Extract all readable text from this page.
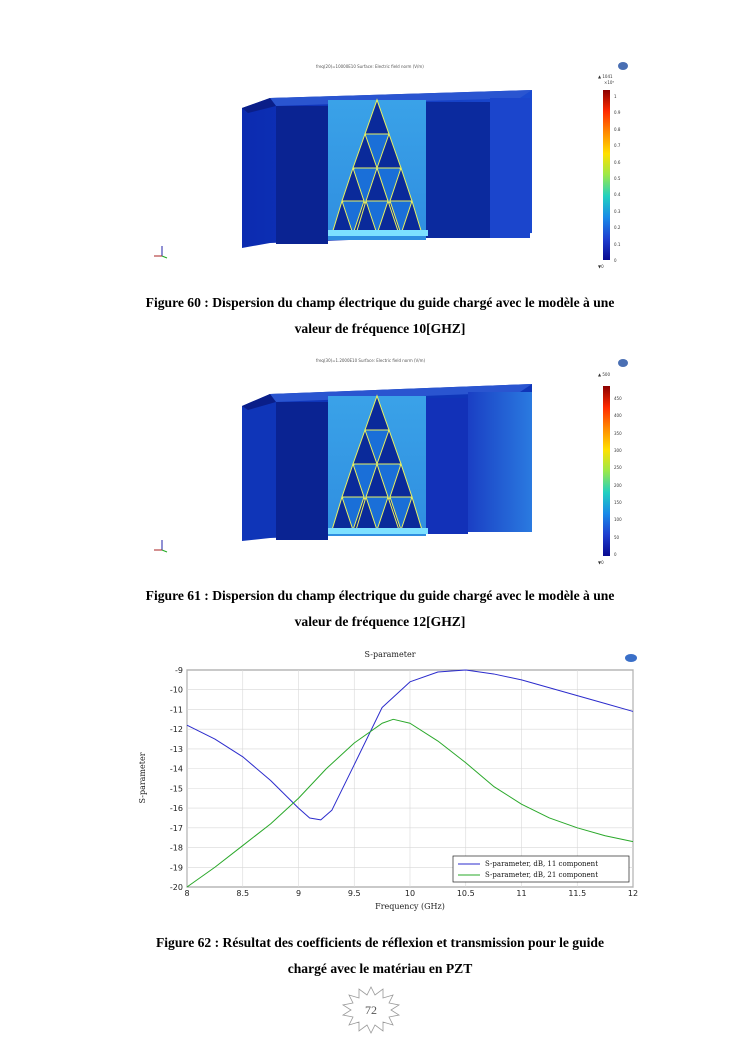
freq(20)=10000E10 Surface: Electric field norm (V/m)
▲ 1041
×10⁵
1
0.9
0.8
0.7
0.6
0.5
0.4
0.3
0.2
0.1
0
▼0
Figure 60 : Dispersion du champ électrique du guide chargé avec le modèle à une
valeur de fréquence 10[GHZ]
freq(30)=1.2000E10 Surface: Electric field norm (V/m)
▲ 500
450
400
350
300
250
200
150
100
50
0
▼0
Figure 61 : Dispersion du champ électrique du guide chargé avec le modèle à une
valeur de fréquence 12[GHZ]
S-parameter
8	8.5	9	9.5	10	10.5	11	11.5	12
-9
-10
-11
-12
-13
-14
-15
-16
-17
-18
-19
-20
Frequency (GHz)
S-parameter
S-parameter, dB, 11 component
S-parameter, dB, 21 component
Figure 62 : Résultat des coefficients de réflexion et transmission pour le guide
chargé avec le matériau en PZT
72
